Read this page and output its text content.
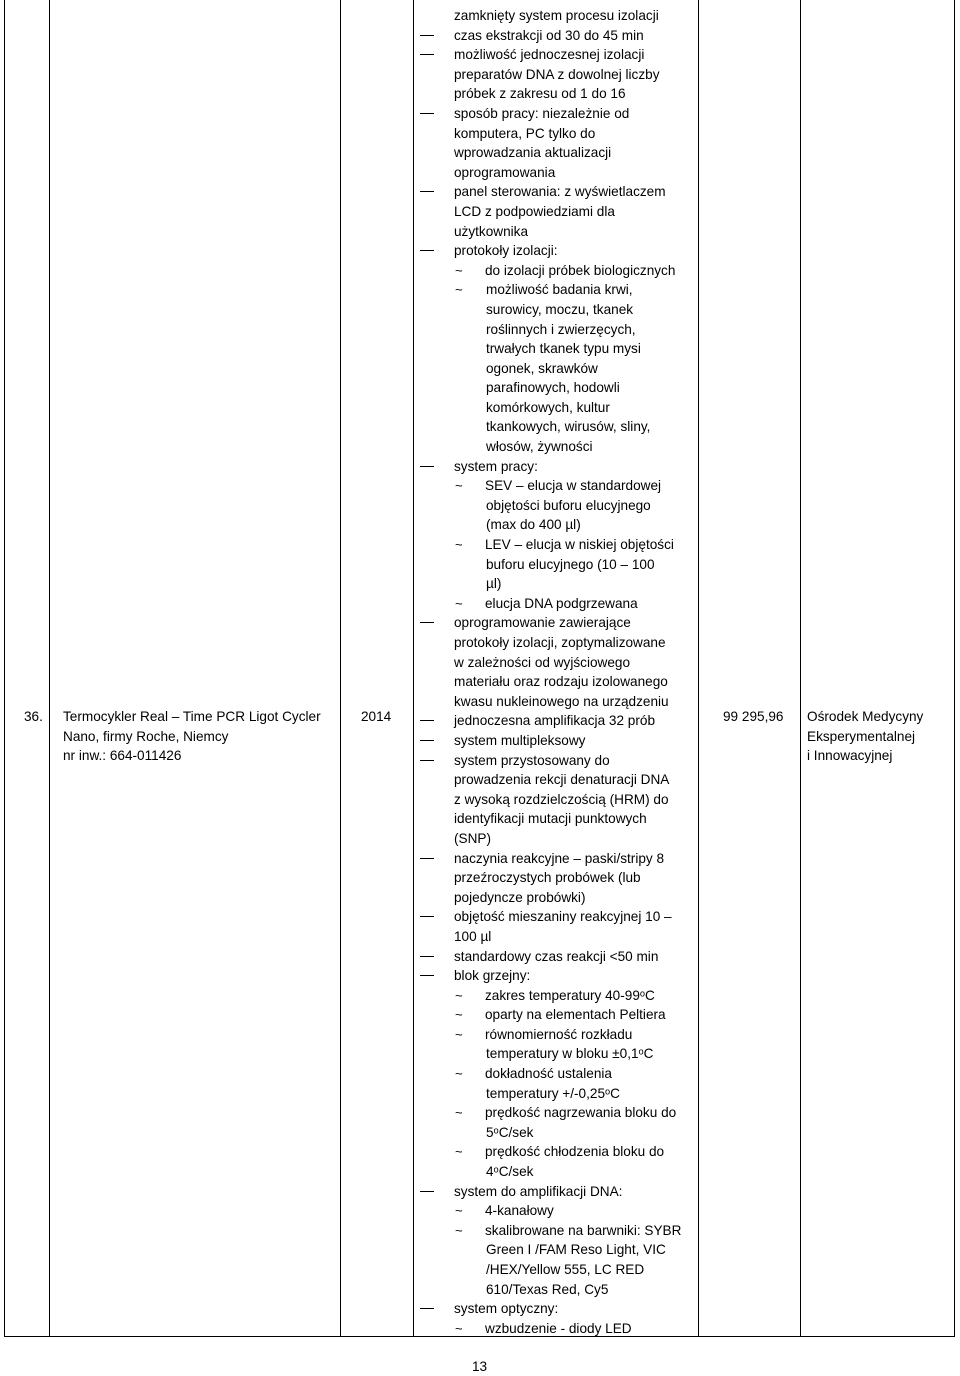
36. Termocykler Real – Time PCR Ligot Cycler
Nano, firmy Roche, Niemcy
nr inw.: 664-011426
2014
zamknięty system procesu izolacji
czas ekstrakcji od 30 do 45 min
możliwość jednoczesnej izolacji
preparatów DNA z dowolnej liczby
próbek z zakresu od 1 do 16
sposób pracy: niezależnie od
komputera, PC tylko do
wprowadzania aktualizacji
oprogramowania
panel sterowania: z wyświetlaczem
LCD z podpowiedziami dla
użytkownika
protokoły izolacji:
~ do izolacji próbek biologicznych
~ możliwość badania krwi,
surowicy, moczu, tkanek
roślinnych i zwierzęcych,
trwałych tkanek typu mysi
ogonek, skrawków
parafinowych, hodowli
komórkowych, kultur
tkankowych, wirusów, sliny,
włosów, żywności
system pracy:
~ SEV – elucja w standardowej
objętości buforu elucyjnego
(max do 400 µl)
~ LEV – elucja w niskiej objętości
buforu elucyjnego (10 – 100
µl)
~ elucja DNA podgrzewana
oprogramowanie zawierające
protokoły izolacji, zoptymalizowane
w zależności od wyjściowego
materiału oraz rodzaju izolowanego
kwasu nukleinowego na urządzeniu
jednoczesna amplifikacja 32 prób
system multipleksowy
system przystosowany do
prowadzenia rekcji denaturacji DNA
z wysoką rozdzielczością (HRM) do
identyfikacji mutacji punktowych
(SNP)
naczynia reakcyjne – paski/stripy 8
przeźroczystych probówek (lub
pojedyncze probówki)
objętość mieszaniny reakcyjnej 10 –
100 µl
standardowy czas reakcji <50 min
blok grzejny:
~ zakres temperatury 40-99ᵒC
~ oparty na elementach Peltiera
~ równomierność rozkładu
temperatury w bloku ±0,1ᵒC
~ dokładność ustalenia
temperatury +/-0,25ᵒC
~ prędkość nagrzewania bloku do
5ᵒC/sek
~ prędkość chłodzenia bloku do
4ᵒC/sek
system do amplifikacji DNA:
~ 4-kanałowy
~ skalibrowane na barwniki: SYBR
Green I /FAM Reso Light, VIC
/HEX/Yellow 555, LC RED
610/Texas Red, Cy5
system optyczny:
~ wzbudzenie - diody LED
99 295,96 Ośrodek Medycyny
Eksperymentalnej
i Innowacyjnej
13
